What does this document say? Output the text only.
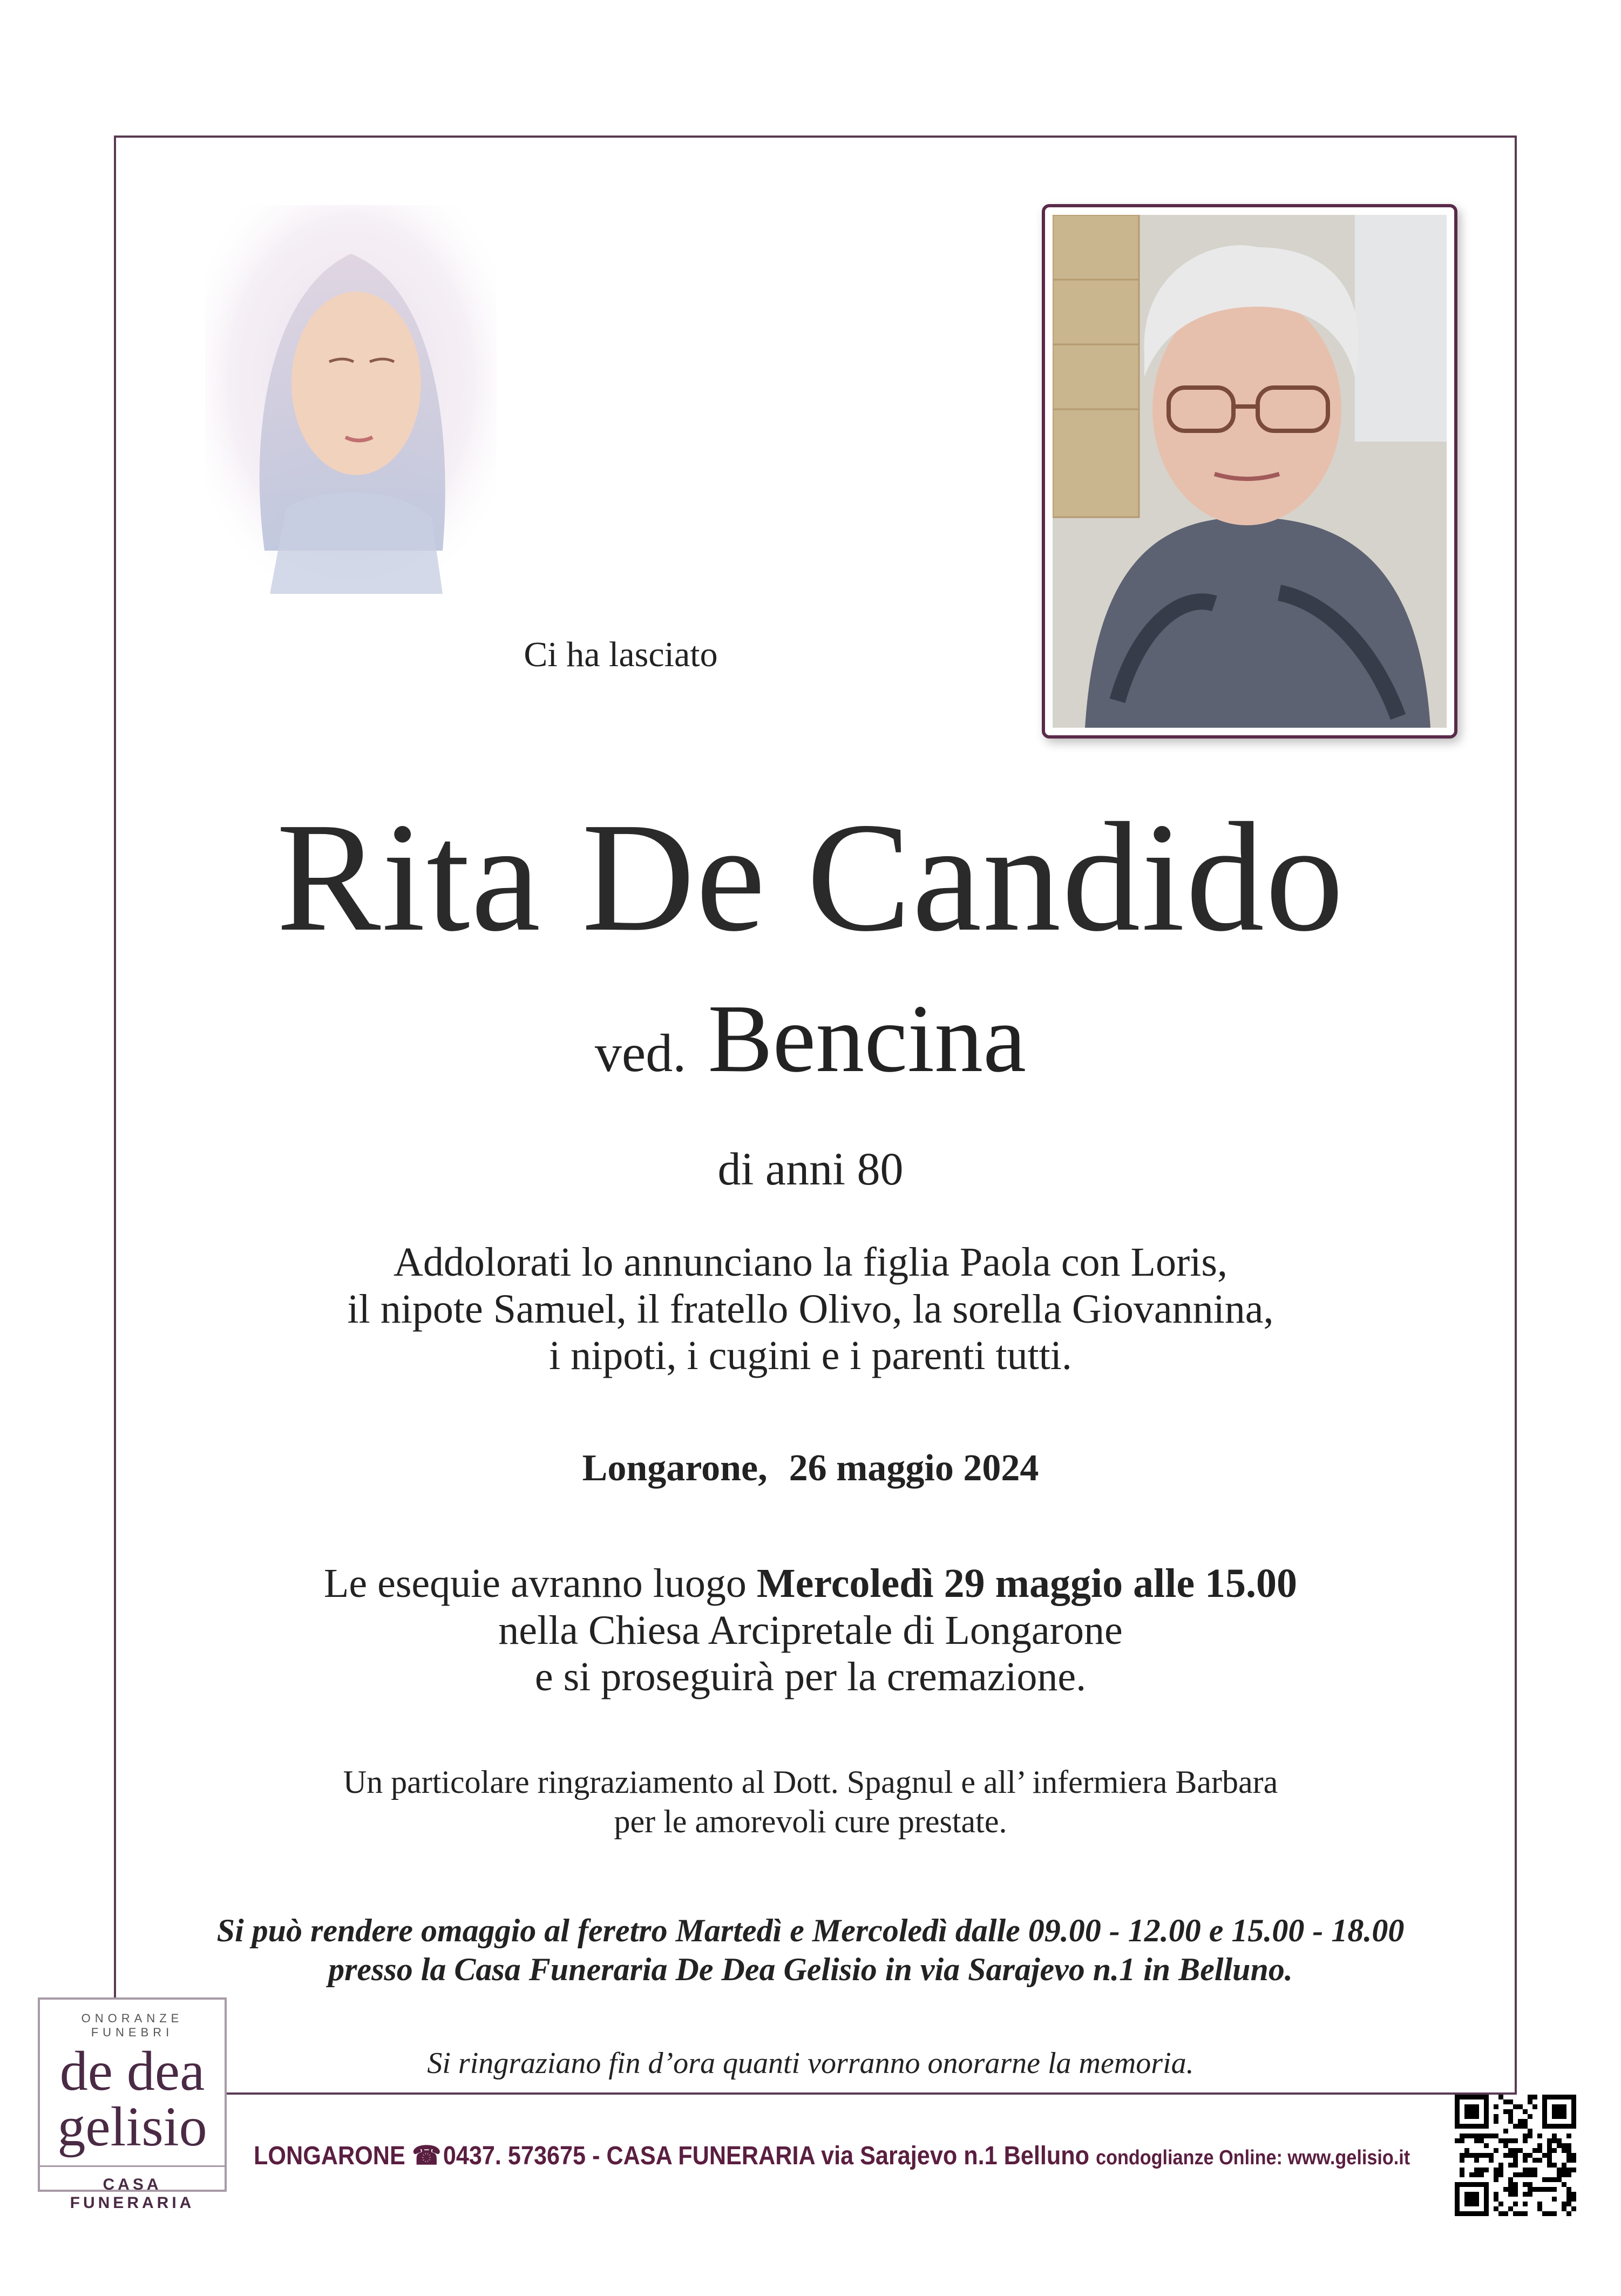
Ci ha lasciato
Rita De Candido
ved. Bencina
di anni 80
Addolorati lo annunciano la figlia Paola con Loris,
il nipote Samuel, il fratello Olivo, la sorella Giovannina,
i nipoti, i cugini e i parenti tutti.
Longarone, 26 maggio 2024
Le esequie avranno luogo Mercoledì 29 maggio alle 15.00
nella Chiesa Arcipretale di Longarone
e si proseguirà per la cremazione.
Un particolare ringraziamento al Dott. Spagnul e all’ infermiera Barbara
per le amorevoli cure prestate.
Si può rendere omaggio al feretro Martedì e Mercoledì dalle 09.00 - 12.00 e 15.00 - 18.00
presso la Casa Funeraria De Dea Gelisio in via Sarajevo n.1 in Belluno.
Si ringraziano fin d’ora quanti vorranno onorarne la memoria.
ONORANZE FUNEBRI
de dea
gelisio
CASA FUNERARIA
LONGARONE ☎0437. 573675 - CASA FUNERARIA via Sarajevo n.1 Belluno condoglianze Online: www.gelisio.it
